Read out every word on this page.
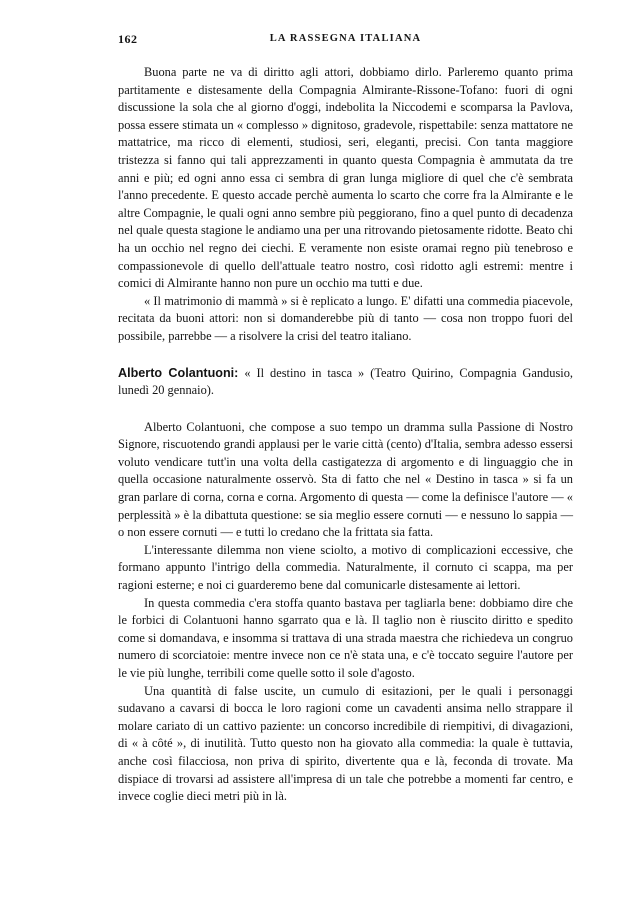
162	LA RASSEGNA ITALIANA

Buona parte ne va di diritto agli attori, dobbiamo dirlo. Parleremo quanto prima partitamente e distesamente della Compagnia Almirante-Rissone-Tofano: fuori di ogni discussione la sola che al giorno d'oggi, indebolita la Niccodemi e scomparsa la Pavlova, possa essere stimata un « complesso » dignitoso, gradevole, rispettabile: senza mattatore ne mattatrice, ma ricco di elementi, studiosi, seri, eleganti, precisi. Con tanta maggiore tristezza si fanno qui tali apprezzamenti in quanto questa Compagnia è ammutata da tre anni e più; ed ogni anno essa ci sembra di gran lunga migliore di quel che c'è sembrata l'anno precedente. E questo accade perchè aumenta lo scarto che corre fra la Almirante e le altre Compagnie, le quali ogni anno sembre più peggiorano, fino a quel punto di decadenza nel quale questa stagione le andiamo una per una ritrovando pietosamente ridotte. Beato chi ha un occhio nel regno dei ciechi. E veramente non esiste oramai regno più tenebroso e compassionevole di quello dell'attuale teatro nostro, così ridotto agli estremi: mentre i comici di Almirante hanno non pure un occhio ma tutti e due.

« Il matrimonio di mammà » si è replicato a lungo. E' difatti una commedia piacevole, recitata da buoni attori: non si domanderebbe più di tanto — cosa non troppo fuori del possibile, parrebbe — a risolvere la crisi del teatro italiano.

Alberto Colantuoni: « Il destino in tasca » (Teatro Quirino, Compagnia Gandusio, lunedì 20 gennaio).

Alberto Colantuoni, che compose a suo tempo un dramma sulla Passione di Nostro Signore, riscuotendo grandi applausi per le varie città (cento) d'Italia, sembra adesso essersi voluto vendicare tutt'in una volta della castigatezza di argomento e di linguaggio che in quella occasione naturalmente osservò. Sta di fatto che nel « Destino in tasca » si fa un gran parlare di corna, corna e corna. Argomento di questa — come la definisce l'autore — « perplessità » è la dibattuta questione: se sia meglio essere cornuti — e nessuno lo sappia — o non essere cornuti — e tutti lo credano che la frittata sia fatta.

L'interessante dilemma non viene sciolto, a motivo di complicazioni eccessive, che formano appunto l'intrigo della commedia. Naturalmente, il cornuto ci scappa, ma per ragioni esterne; e noi ci guarderemo bene dal comunicarle distesamente ai lettori.

In questa commedia c'era stoffa quanto bastava per tagliarla bene: dobbiamo dire che le forbici di Colantuoni hanno sgarrato qua e là. Il taglio non è riuscito diritto e spedito come si domandava, e insomma si trattava di una strada maestra che richiedeva un congruo numero di scorciatoie: mentre invece non ce n'è stata una, e c'è toccato seguire l'autore per le vie più lunghe, terribili come quelle sotto il sole d'agosto.

Una quantità di false uscite, un cumulo di esitazioni, per le quali i personaggi sudavano a cavarsi di bocca le loro ragioni come un cavadenti ansima nello strappare il molare cariato di un cattivo paziente: un concorso incredibile di riempitivi, di divagazioni, di « à côté », di inutilità. Tutto questo non ha giovato alla commedia: la quale è tuttavia, anche così filacciosa, non priva di spirito, divertente qua e là, feconda di trovate. Ma dispiace di trovarsi ad assistere all'impresa di un tale che potrebbe a momenti far centro, e invece coglie dieci metri più in là.
